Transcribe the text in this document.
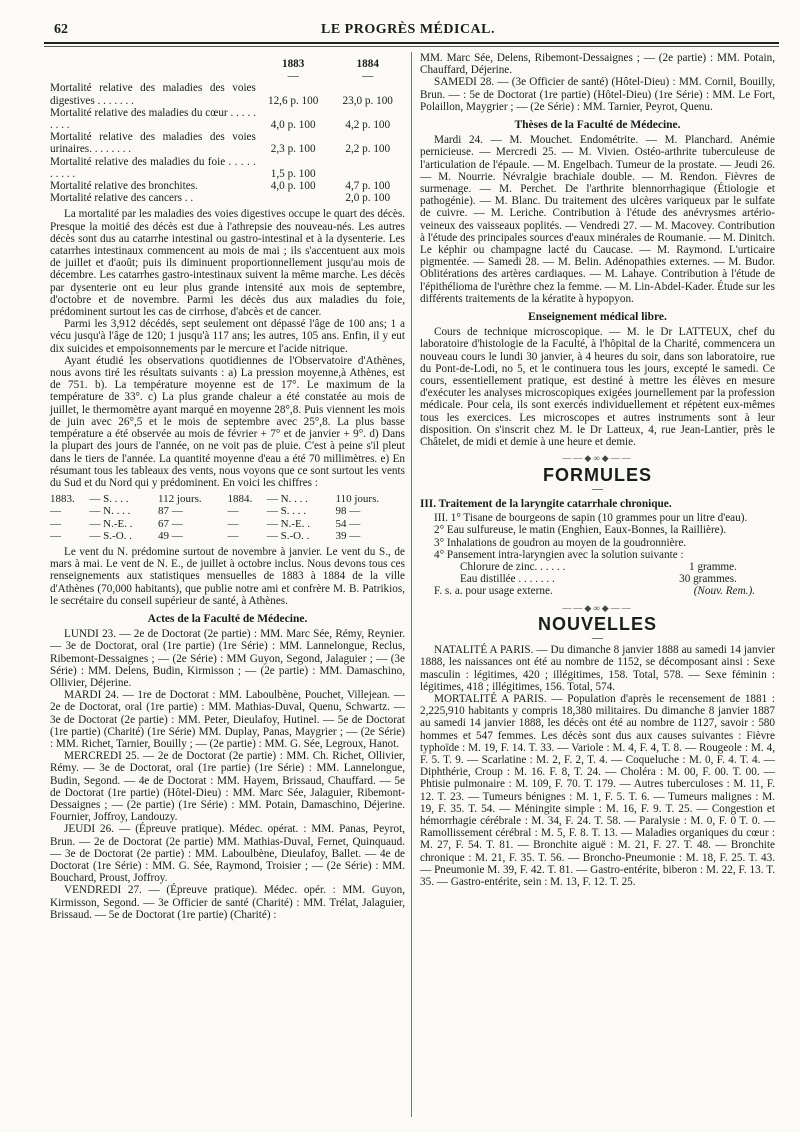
62	LE PROGRÈS MÉDICAL.
	1883	1884
	—	—
Mortalité relative des maladies des voies digestives . . . . . . .	12,6 p. 100	23,0 p. 100
Mortalité relative des maladies du cœur . . . . . . . . .	4,0 p. 100	4,2 p. 100
Mortalité relative des maladies des voies urinaires. . . . . . . .	2,3 p. 100	2,2 p. 100
Mortalité relative des maladies du foie . . . . . . . . . .	1,5 p. 100	
Mortalité relative des bronchites.	4,0 p. 100	4,7 p. 100
Mortalité relative des cancers . .		2,0 p. 100

La mortalité par les maladies des voies digestives occupe le quart des décès. Presque la moitié des décès est due à l'athrepsie des nouveau-nés. Les autres décès sont dus au catarrhe intestinal ou gastro-intestinal et à la dysenterie. Les catarrhes intestinaux commencent au mois de mai ; ils s'accentuent aux mois de juillet et d'août; puis ils diminuent proportionnellement jusqu'au mois de décembre. Les catarrhes gastro-intestinaux suivent la même marche. Les décès par dysenterie ont eu leur plus grande intensité aux mois de septembre, d'octobre et de novembre. Parmi les décès dus aux maladies du foie, prédominent surtout les cas de cirrhose, d'abcès et de cancer.

Parmi les 3,912 décédés, sept seulement ont dépassé l'âge de 100 ans; 1 a vécu jusqu'à l'âge de 120; 1 jusqu'à 117 ans; les autres, 105 ans. Enfin, il y eut dix suicides et empoisonnements par le mercure et l'acide nitrique.

Ayant étudié les observations quotidiennes de l'Observatoire d'Athènes, nous avons tiré les résultats suivants : a) La pression moyenne,à Athènes, est de 751. b). La température moyenne est de 17°. Le maximum de la température de 33°. c) La plus grande chaleur a été constatée au mois de juillet, le thermomètre ayant marqué en moyenne 28°,8. Puis viennent les mois de juin avec 26°,5 et le mois de septembre avec 25°,8. La plus basse température a été observée au mois de février + 7° et de janvier + 9°. d) Dans la plupart des jours de l'année, on ne voit pas de pluie. C'est à peine s'il pleut dans le tiers de l'année. La quantité moyenne d'eau a été 70 millimètres. e) En résumant tous les tableaux des vents, nous voyons que ce sont surtout les vents du Sud et du Nord qui y prédominent. En voici les chiffres :

1883.	— S. . . .	112 jours.	1884.	— N. . . .	110 jours.
—	— N. . . .	87 —	—	— S. . . .	98 —
—	— N.-E. .	67 —	—	— N.-E. .	54 —
—	— S.-O. .	49 —	—	— S.-O. .	39 —

Le vent du N. prédomine surtout de novembre à janvier. Le vent du S., de mars à mai. Le vent de N. E., de juillet à octobre inclus. Nous devons tous ces renseignements aux statistiques mensuelles de 1883 à 1884 de la ville d'Athènes (70,000 habitants), que publie notre ami et confrère M. B. Patrikios, le secrétaire du conseil supérieur de santé, à Athènes.

Actes de la Faculté de Médecine.

LUNDI 23. — 2e de Doctorat (2e partie) : MM. Marc Sée, Rémy, Reynier. — 3e de Doctorat, oral (1re partie) (1re Série) : MM. Lannelongue, Reclus, Ribemont-Dessaignes ; — (2e Série) : MM Guyon, Segond, Jalaguier ; — (3e Série) : MM. Delens, Budin, Kirmisson ; — (2e partie) : MM. Damaschino, Ollivier, Déjerine.

MARDI 24. — 1re de Doctorat : MM. Laboulbène, Pouchet, Villejean. — 2e de Doctorat, oral (1re partie) : MM. Mathias-Duval, Quenu, Schwartz. — 3e de Doctorat (2e partie) : MM. Peter, Dieulafoy, Hutinel. — 5e de Doctorat (1re partie) (Charité) (1re Série) MM. Duplay, Panas, Maygrier ; — (2e Série) : MM. Richet, Tarnier, Bouilly ; — (2e partie) : MM. G. Sée, Legroux, Hanot.

MERCREDI 25. — 2e de Doctorat (2e partie) : MM. Ch. Richet, Ollivier, Rémy. — 3e de Doctorat, oral (1re partie) (1re Série) : MM. Lannelongue, Budin, Segond. — 4e de Doctorat : MM. Hayem, Brissaud, Chauffard. — 5e de Doctorat (1re partie) (Hôtel-Dieu) : MM. Marc Sée, Jalaguier, Ribemont-Dessaignes ; — (2e partie) (1re Série) : MM. Potain, Damaschino, Déjerine. Fournier, Joffroy, Landouzy.

JEUDI 26. — (Épreuve pratique). Médec. opérat. : MM. Panas, Peyrot, Brun. — 2e de Doctorat (2e partie) MM. Mathias-Duval, Fernet, Quinquaud. — 3e de Doctorat (2e partie) : MM. Laboulbène, Dieulafoy, Ballet. — 4e de Doctorat (1re Série) : MM. G. Sée, Raymond, Troisier ; — (2e Série) : MM. Bouchard, Proust, Joffroy.

VENDREDI 27. — (Épreuve pratique). Médec. opér. : MM. Guyon, Kirmisson, Segond. — 3e Officier de santé (Charité) : MM. Trélat, Jalaguier, Brissaud. — 5e de Doctorat (1re partie) (Charité) :

MM. Marc Sée, Delens, Ribemont-Dessaignes ; — (2e partie) : MM. Potain, Chauffard, Déjerine.

SAMEDI 28. — (3e Officier de santé) (Hôtel-Dieu) : MM. Cornil, Bouilly, Brun. — : 5e de Doctorat (1re partie) (Hôtel-Dieu) (1re Série) : MM. Le Fort, Polaillon, Maygrier ; — (2e Série) : MM. Tarnier, Peyrot, Quenu.

Thèses de la Faculté de Médecine.

Mardi 24. — M. Mouchet. Endométrite. — M. Planchard. Anémie pernicieuse. — Mercredi 25. — M. Vivien. Ostéo-arthrite tuberculeuse de l'articulation de l'épaule. — M. Engelbach. Tumeur de la prostate. — Jeudi 26. — M. Nourrie. Névralgie brachiale double. — M. Rendon. Fièvres de surmenage. — M. Perchet. De l'arthrite blennorrhagique (Étiologie et pathogénie). — M. Blanc. Du traitement des ulcères variqueux par le sulfate de cuivre. — M. Leriche. Contribution à l'étude des anévrysmes artério-veineux des vaisseaux poplités. — Vendredi 27. — M. Macovey. Contribution à l'étude des principales sources d'eaux minérales de Roumanie. — M. Dinitch. Le képhir ou champagne lacté du Caucase. — M. Raymond. L'urticaire pigmentée. — Samedi 28. — M. Belin. Adénopathies externes. — M. Budor. Oblitérations des artères cardiaques. — M. Lahaye. Contribution à l'étude de l'épithélioma de l'urèthre chez la femme. — M. Lin-Abdel-Kader. Étude sur les différents traitements de la kératite à hypopyon.

Enseignement médical libre.

Cours de technique microscopique. — M. le Dr LATTEUX, chef du laboratoire d'histologie de la Faculté, à l'hôpital de la Charité, commencera un nouveau cours le lundi 30 janvier, à 4 heures du soir, dans son laboratoire, rue du Pont-de-Lodi, no 5, et le continuera tous les jours, excepté le samedi. Ce cours, essentiellement pratique, est destiné à mettre les élèves en mesure d'exécuter les analyses microscopiques exigées journellement par la profession médicale. Pour cela, ils sont exercés individuellement et répètent eux-mêmes tous les exercices. Les microscopes et autres instruments sont à leur disposition. On s'inscrit chez M. le Dr Latteux, 4, rue Jean-Lantier, près le Châtelet, de midi et demie à une heure et demie.

——◆∞◆——
FORMULES
—
III. Traitement de la laryngite catarrhale chronique.

III. 1° Tisane de bourgeons de sapin (10 grammes pour un litre d'eau).

2° Eau sulfureuse, le matin (Enghien, Eaux-Bonnes, la Raillière).

3° Inhalations de goudron au moyen de la goudronnière.

4° Pansement intra-laryngien avec la solution suivante :

Chlorure de zinc. . . . . .	1 gramme.
Eau distillée . . . . . . .	30 grammes.
F. s. a. pour usage externe.	(Nouv. Rem.).
——◆∞◆——
NOUVELLES
—

NATALITÉ A PARIS. — Du dimanche 8 janvier 1888 au samedi 14 janvier 1888, les naissances ont été au nombre de 1152, se décomposant ainsi : Sexe masculin : légitimes, 420 ; illégitimes, 158. Total, 578. — Sexe féminin : légitimes, 418 ; illégitimes, 156. Total, 574.

MORTALITÉ A PARIS. — Population d'après le recensement de 1881 : 2,225,910 habitants y compris 18,380 militaires. Du dimanche 8 janvier 1887 au samedi 14 janvier 1888, les décès ont été au nombre de 1127, savoir : 580 hommes et 547 femmes. Les décès sont dus aux causes suivantes : Fièvre typhoïde : M. 19, F. 14. T. 33. — Variole : M. 4, F. 4, T. 8. — Rougeole : M. 4, F. 5. T. 9. — Scarlatine : M. 2, F. 2, T. 4. — Coqueluche : M. 0, F. 4. T. 4. — Diphthérie, Croup : M. 16. F. 8, T. 24. — Choléra : M. 00, F. 00. T. 00. — Phtisie pulmonaire : M. 109, F. 70. T. 179. — Autres tuberculoses : M. 11, F. 12. T. 23. — Tumeurs bénignes : M. 1, F. 5. T. 6. — Tumeurs malignes : M. 19, F. 35. T. 54. — Méningite simple : M. 16, F. 9. T. 25. — Congestion et hémorrhagie cérébrale : M. 34, F. 24. T. 58. — Paralysie : M. 0, F. 0 T. 0. — Ramollissement cérébral : M. 5, F. 8. T. 13. — Maladies organiques du cœur : M. 27, F. 54. T. 81. — Bronchite aiguë : M. 21, F. 27. T. 48. — Bronchite chronique : M. 21, F. 35. T. 56. — Broncho-Pneumonie : M. 18, F. 25. T. 43. — Pneumonie M. 39, F. 42. T. 81. — Gastro-entérite, biberon : M. 22, F. 13. T. 35. — Gastro-entérite, sein : M. 13, F. 12. T. 25.
